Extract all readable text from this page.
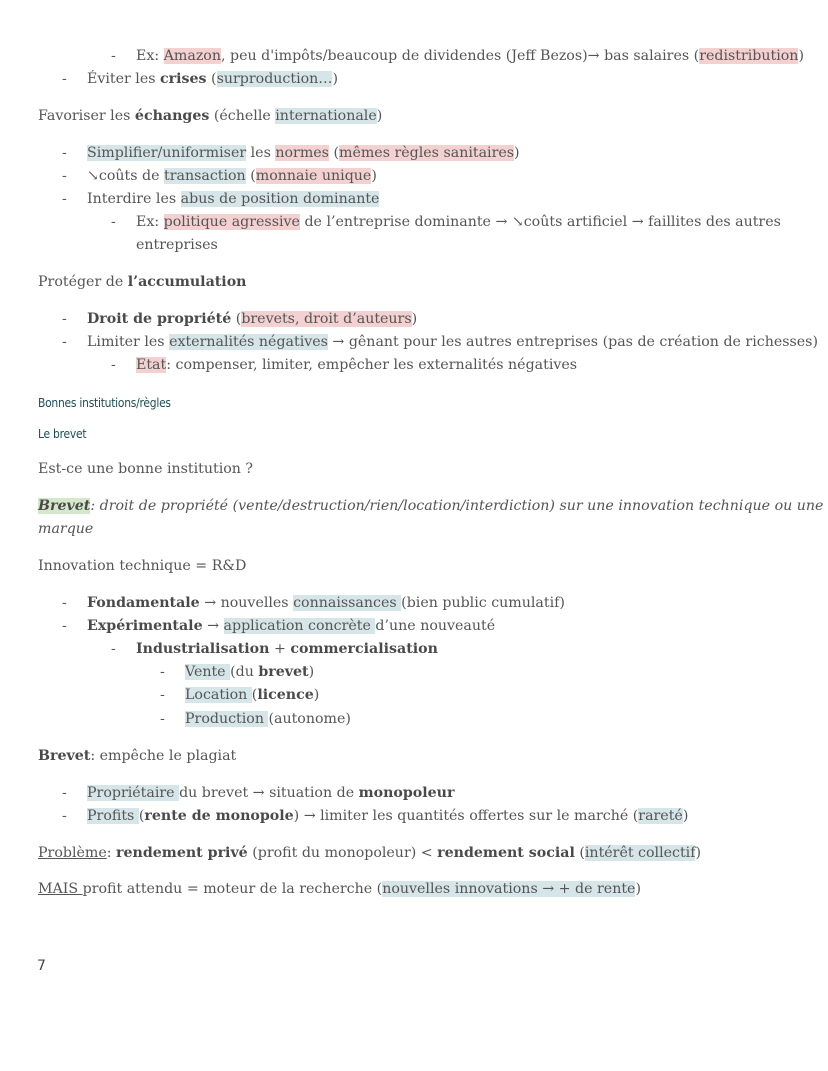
- Ex: Amazon, peu d'impôts/beaucoup de dividendes (Jeff Bezos)→ bas salaires (redistribution)
- Éviter les crises (surproduction…)
Favoriser les échanges (échelle internationale)
- Simplifier/uniformiser les normes (mêmes règles sanitaires)
- ↘coûts de transaction (monnaie unique)
- Interdire les abus de position dominante
- Ex: politique agressive de l’entreprise dominante → ↘coûts artificiel → faillites des autres
entreprises
Protéger de l’accumulation
- Droit de propriété (brevets, droit d’auteurs)
- Limiter les externalités négatives → gênant pour les autres entreprises (pas de création de richesses)
- Etat: compenser, limiter, empêcher les externalités négatives
Bonnes institutions/règles
Le brevet
Est-ce une bonne institution ?
Brevet: droit de propriété (vente/destruction/rien/location/interdiction) sur une innovation technique ou une
marque
Innovation technique = R&D
- Fondamentale → nouvelles connaissances (bien public cumulatif)
- Expérimentale → application concrète d’une nouveauté
- Industrialisation + commercialisation
- Vente (du brevet)
- Location (licence)
- Production (autonome)
Brevet: empêche le plagiat
- Propriétaire du brevet → situation de monopoleur
- Profits (rente de monopole) → limiter les quantités offertes sur le marché (rareté)
Problème: rendement privé (profit du monopoleur) < rendement social (intérêt collectif)
MAIS profit attendu = moteur de la recherche (nouvelles innovations → + de rente)
7
